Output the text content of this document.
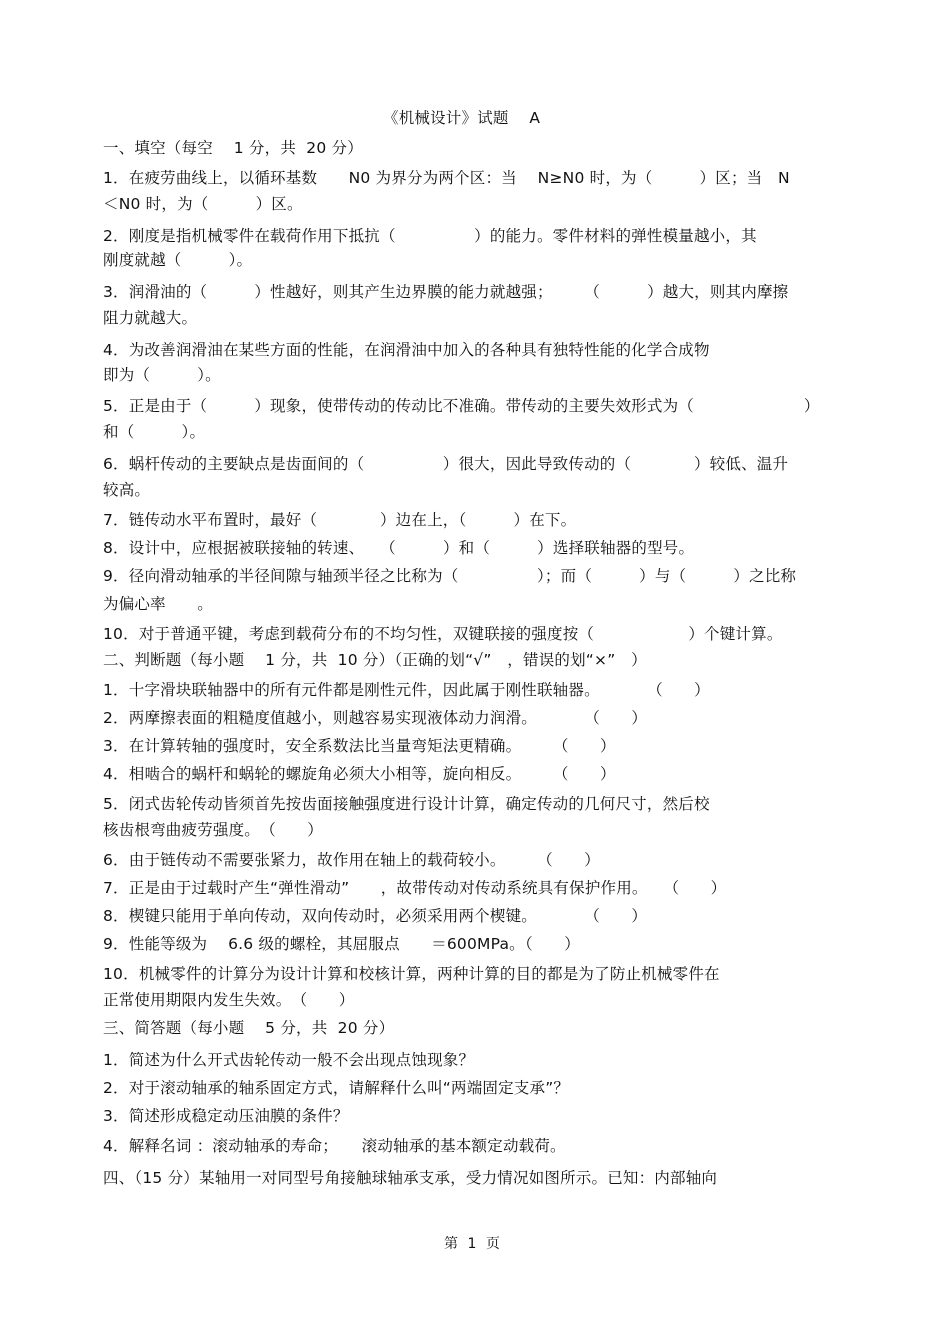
《机械设计》试题　 A
一、填空（每空　 1 分，共  20 分）
1．在疲劳曲线上，以循环基数　　N0 为界分为两个区：当　 N≥N0 时，为（　　　）区；当　N
＜N0 时，为（　　　）区。
2．刚度是指机械零件在载荷作用下抵抗（　　　　　）的能力。零件材料的弹性模量越小，其
刚度就越（　　　）。
3．润滑油的（　　　）性越好，则其产生边界膜的能力就越强；　　　（　　　）越大，则其内摩擦
阻力就越大。
4．为改善润滑油在某些方面的性能，在润滑油中加入的各种具有独特性能的化学合成物
即为（　　　）。
5．正是由于（　　　）现象，使带传动的传动比不准确。带传动的主要失效形式为（　　　　　　　）
和（　　　）。
6．蜗杆传动的主要缺点是齿面间的（　　　　　）很大，因此导致传动的（　　　　）较低、温升
较高。
7．链传动水平布置时，最好（　　　　）边在上，（　　　）在下。
8．设计中，应根据被联接轴的转速、　　（　　　）和（　　　）选择联轴器的型号。
9．径向滑动轴承的半径间隙与轴颈半径之比称为（　　　　　）；而（　　　）与（　　　）之比称
为偏心率　　。
10．对于普通平键，考虑到载荷分布的不均匀性，双键联接的强度按（　　　　　　）个键计算。
二、判断题（每小题　 1 分，共  10 分）（正确的划“√”　，错误的划“×”　）
1．十字滑块联轴器中的所有元件都是刚性元件，因此属于刚性联轴器。　　　　（　　）
2．两摩擦表面的粗糙度值越小，则越容易实现液体动力润滑。　　　　（　　）
3．在计算转轴的强度时，安全系数法比当量弯矩法更精确。　　　（　　）
4．相啮合的蜗杆和蜗轮的螺旋角必须大小相等，旋向相反。　　　（　　）
5．闭式齿轮传动皆须首先按齿面接触强度进行设计计算，确定传动的几何尺寸，然后校
核齿根弯曲疲劳强度。　（　　）
6．由于链传动不需要张紧力，故作用在轴上的载荷较小。　　　（　　）
7．正是由于过载时产生“弹性滑动”　　，故带传动对传动系统具有保护作用。　　（　　）
8．楔键只能用于单向传动，双向传动时，必须采用两个楔键。　　　　（　　）
9．性能等级为　 6.6 级的螺栓，其屈服点　　＝600MPa。（　　）
10．机械零件的计算分为设计计算和校核计算，两种计算的目的都是为了防止机械零件在
正常使用期限内发生失效。　（　　）
三、简答题（每小题　 5 分，共  20 分）
1．简述为什么开式齿轮传动一般不会出现点蚀现象？
2．对于滚动轴承的轴系固定方式，请解释什么叫“两端固定支承”？
3．简述形成稳定动压油膜的条件？
4．解释名词 ：滚动轴承的寿命；　　滚动轴承的基本额定动载荷。
四、（15 分）某轴用一对同型号角接触球轴承支承，受力情况如图所示。已知：内部轴向
第  1  页
